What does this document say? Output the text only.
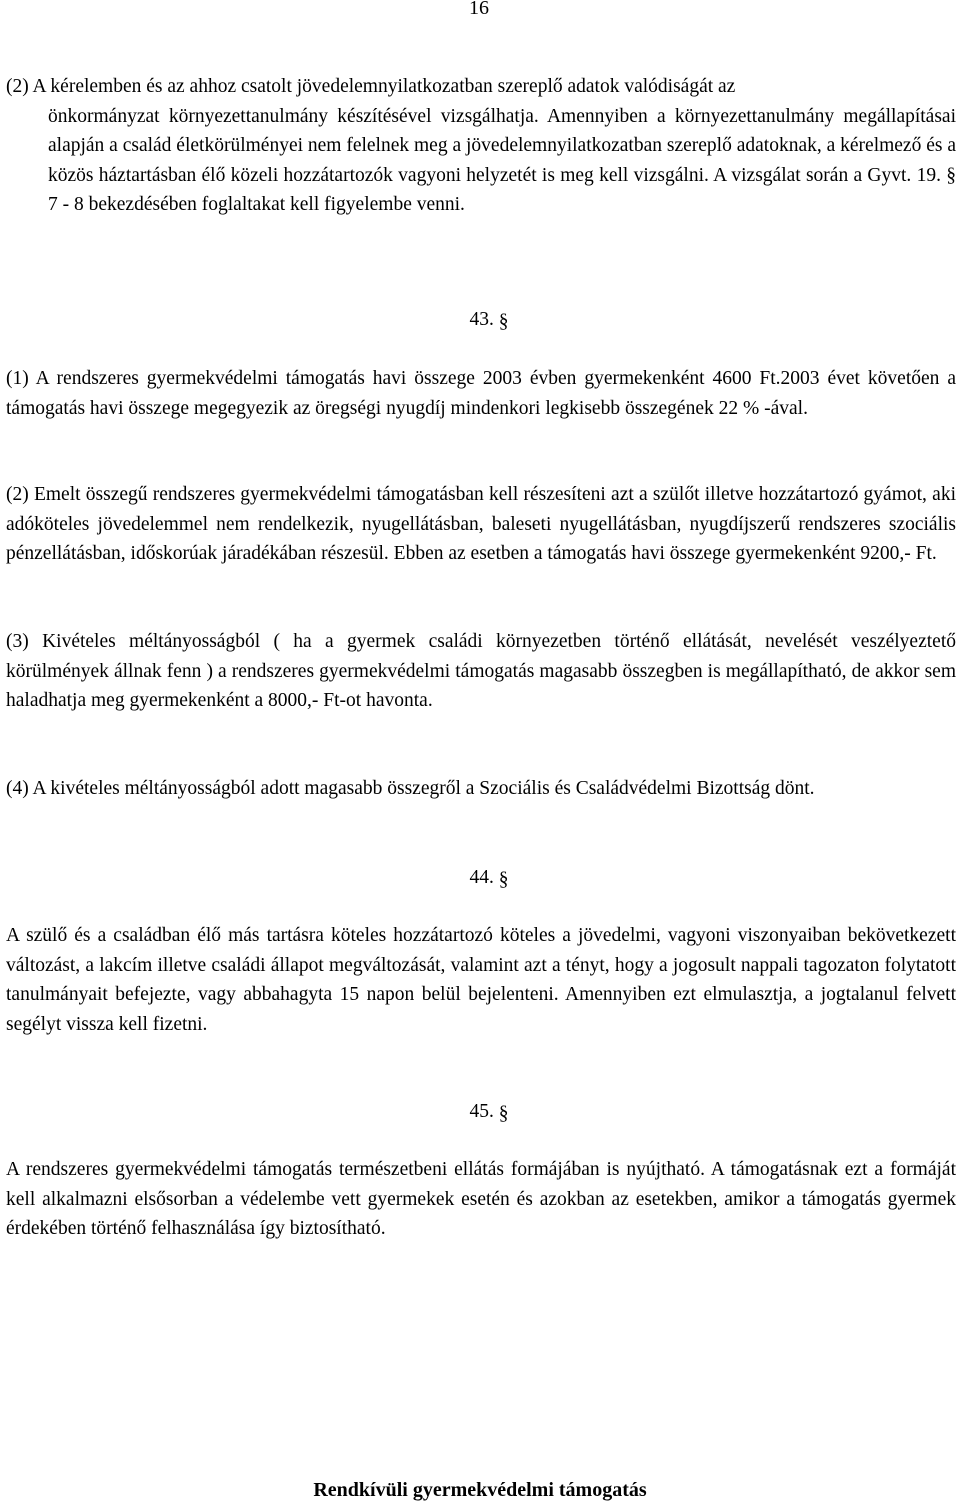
16

(2) A kérelemben és az ahhoz csatolt jövedelemnyilatkozatban szereplő adatok valódiságát az

önkormányzat környezettanulmány készítésével vizsgálhatja. Amennyiben a környezettanulmány megállapításai alapján a család életkörülményei nem felelnek meg a jövedelemnyilatkozatban szereplő adatoknak, a kérelmező és a közös háztartásban élő közeli hozzátartozók vagyoni helyzetét is meg kell vizsgálni. A vizsgálat során a Gyvt. 19. § 7 - 8 bekezdésében foglaltakat kell figyelembe venni.

43. §

(1) A rendszeres gyermekvédelmi támogatás havi összege 2003 évben gyermekenként 4600 Ft.2003 évet követően a támogatás havi összege megegyezik az öregségi nyugdíj mindenkori legkisebb összegének 22 % -ával.

(2) Emelt összegű rendszeres gyermekvédelmi támogatásban kell részesíteni azt a szülőt illetve hozzátartozó gyámot, aki adóköteles jövedelemmel nem rendelkezik, nyugellátásban, baleseti nyugellátásban, nyugdíjszerű rendszeres szociális pénzellátásban, időskorúak járadékában részesül. Ebben az esetben a támogatás havi összege gyermekenként 9200,- Ft.

(3) Kivételes méltányosságból ( ha a gyermek családi környezetben történő ellátását, nevelését veszélyeztető körülmények állnak fenn ) a rendszeres gyermekvédelmi támogatás magasabb összegben is megállapítható, de akkor sem haladhatja meg gyermekenként a 8000,- Ft-ot havonta.

(4) A kivételes méltányosságból adott magasabb összegről a Szociális és Családvédelmi Bizottság dönt.

44. §

A szülő és a családban élő más tartásra köteles hozzátartozó köteles a jövedelmi, vagyoni viszonyaiban bekövetkezett változást, a lakcím illetve családi állapot megváltozását, valamint azt a tényt, hogy a jogosult nappali tagozaton folytatott tanulmányait befejezte, vagy abbahagyta 15 napon belül bejelenteni. Amennyiben ezt elmulasztja, a jogtalanul felvett segélyt vissza kell fizetni.

45. §

A rendszeres gyermekvédelmi támogatás természetbeni ellátás formájában is nyújtható. A támogatásnak ezt a formáját kell alkalmazni elsősorban a védelembe vett gyermekek esetén és azokban az esetekben, amikor a támogatás gyermek érdekében történő felhasználása így biztosítható.

Rendkívüli gyermekvédelmi támogatás
